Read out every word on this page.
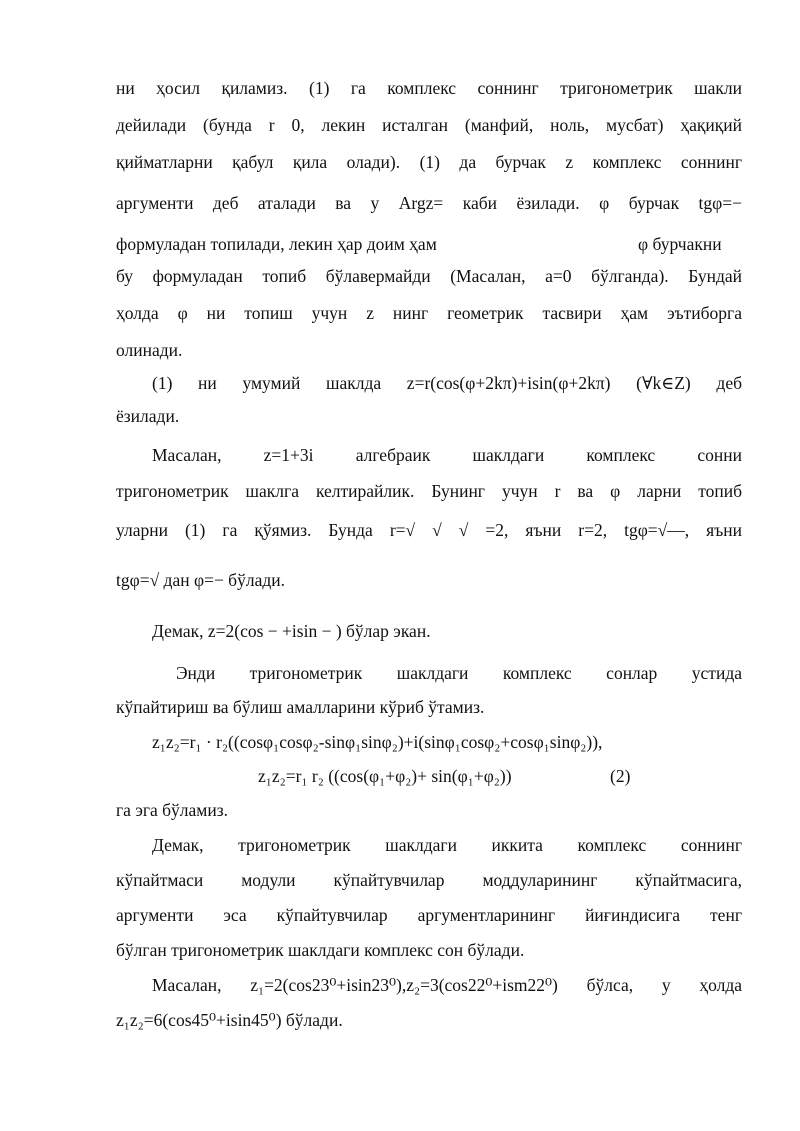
ни ҳосил қиламиз. (1) га комплекс соннинг тригонометрик шакли
дейилади (бунда r 0, лекин исталган (манфий, ноль, мусбат) ҳақиқий
қийматларни қабул қила олади). (1) да бурчак z комплекс соннинг
аргументи деб аталади ва у Argz= каби ёзилади. φ бурчак tgφ=−
формуладан топилади, лекин ҳар доим ҳам	φ бурчакни
бу формуладан топиб бўлавермайди (Масалан, a=0 бўлганда). Бундай
ҳолда φ ни топиш учун z нинг геометрик тасвири ҳам эътиборга
олинади.
(1) ни умумий шаклда z=r(cos(φ+2kπ)+isin(φ+2kπ) (∀k∈Z) деб
ёзилади.
Масалан, z=1+3i алгебраик шаклдаги комплекс сонни
тригонометрик шаклга келтирайлик. Бунинг учун r ва φ ларни топиб
уларни (1) га қўямиз. Бунда r=√ √ √ =2, яъни r=2, tgφ=√—, яъни
tgφ=√ дан φ=− бўлади.
Демак, z=2(cos − +isin − ) бўлар экан.
Энди тригонометрик шаклдаги комплекс сонлар устида
кўпайтириш ва бўлиш амалларини кўриб ўтамиз.
z₁z₂=r₁ · r₂((cosφ₁cosφ₂-sinφ₁sinφ₂)+i(sinφ₁cosφ₂+cosφ₁sinφ₂)),
z₁z₂=r₁ r₂ ((cos(φ₁+φ₂)+ sin(φ₁+φ₂))	(2)
га эга бўламиз.
Демак, тригонометрик шаклдаги иккита комплекс соннинг
кўпайтмаси модули кўпайтувчилар моддуларининг кўпайтмасига,
аргументи эса кўпайтувчилар аргументларининг йиғиндисига тенг
бўлган тригонометрик шаклдаги комплекс сон бўлади.
Масалан, z₁=2(cos23⁰+isin23⁰),z₂=3(cos22⁰+ism22⁰) бўлса, у ҳолда
z₁z₂=6(cos45⁰+isin45⁰) бўлади.
